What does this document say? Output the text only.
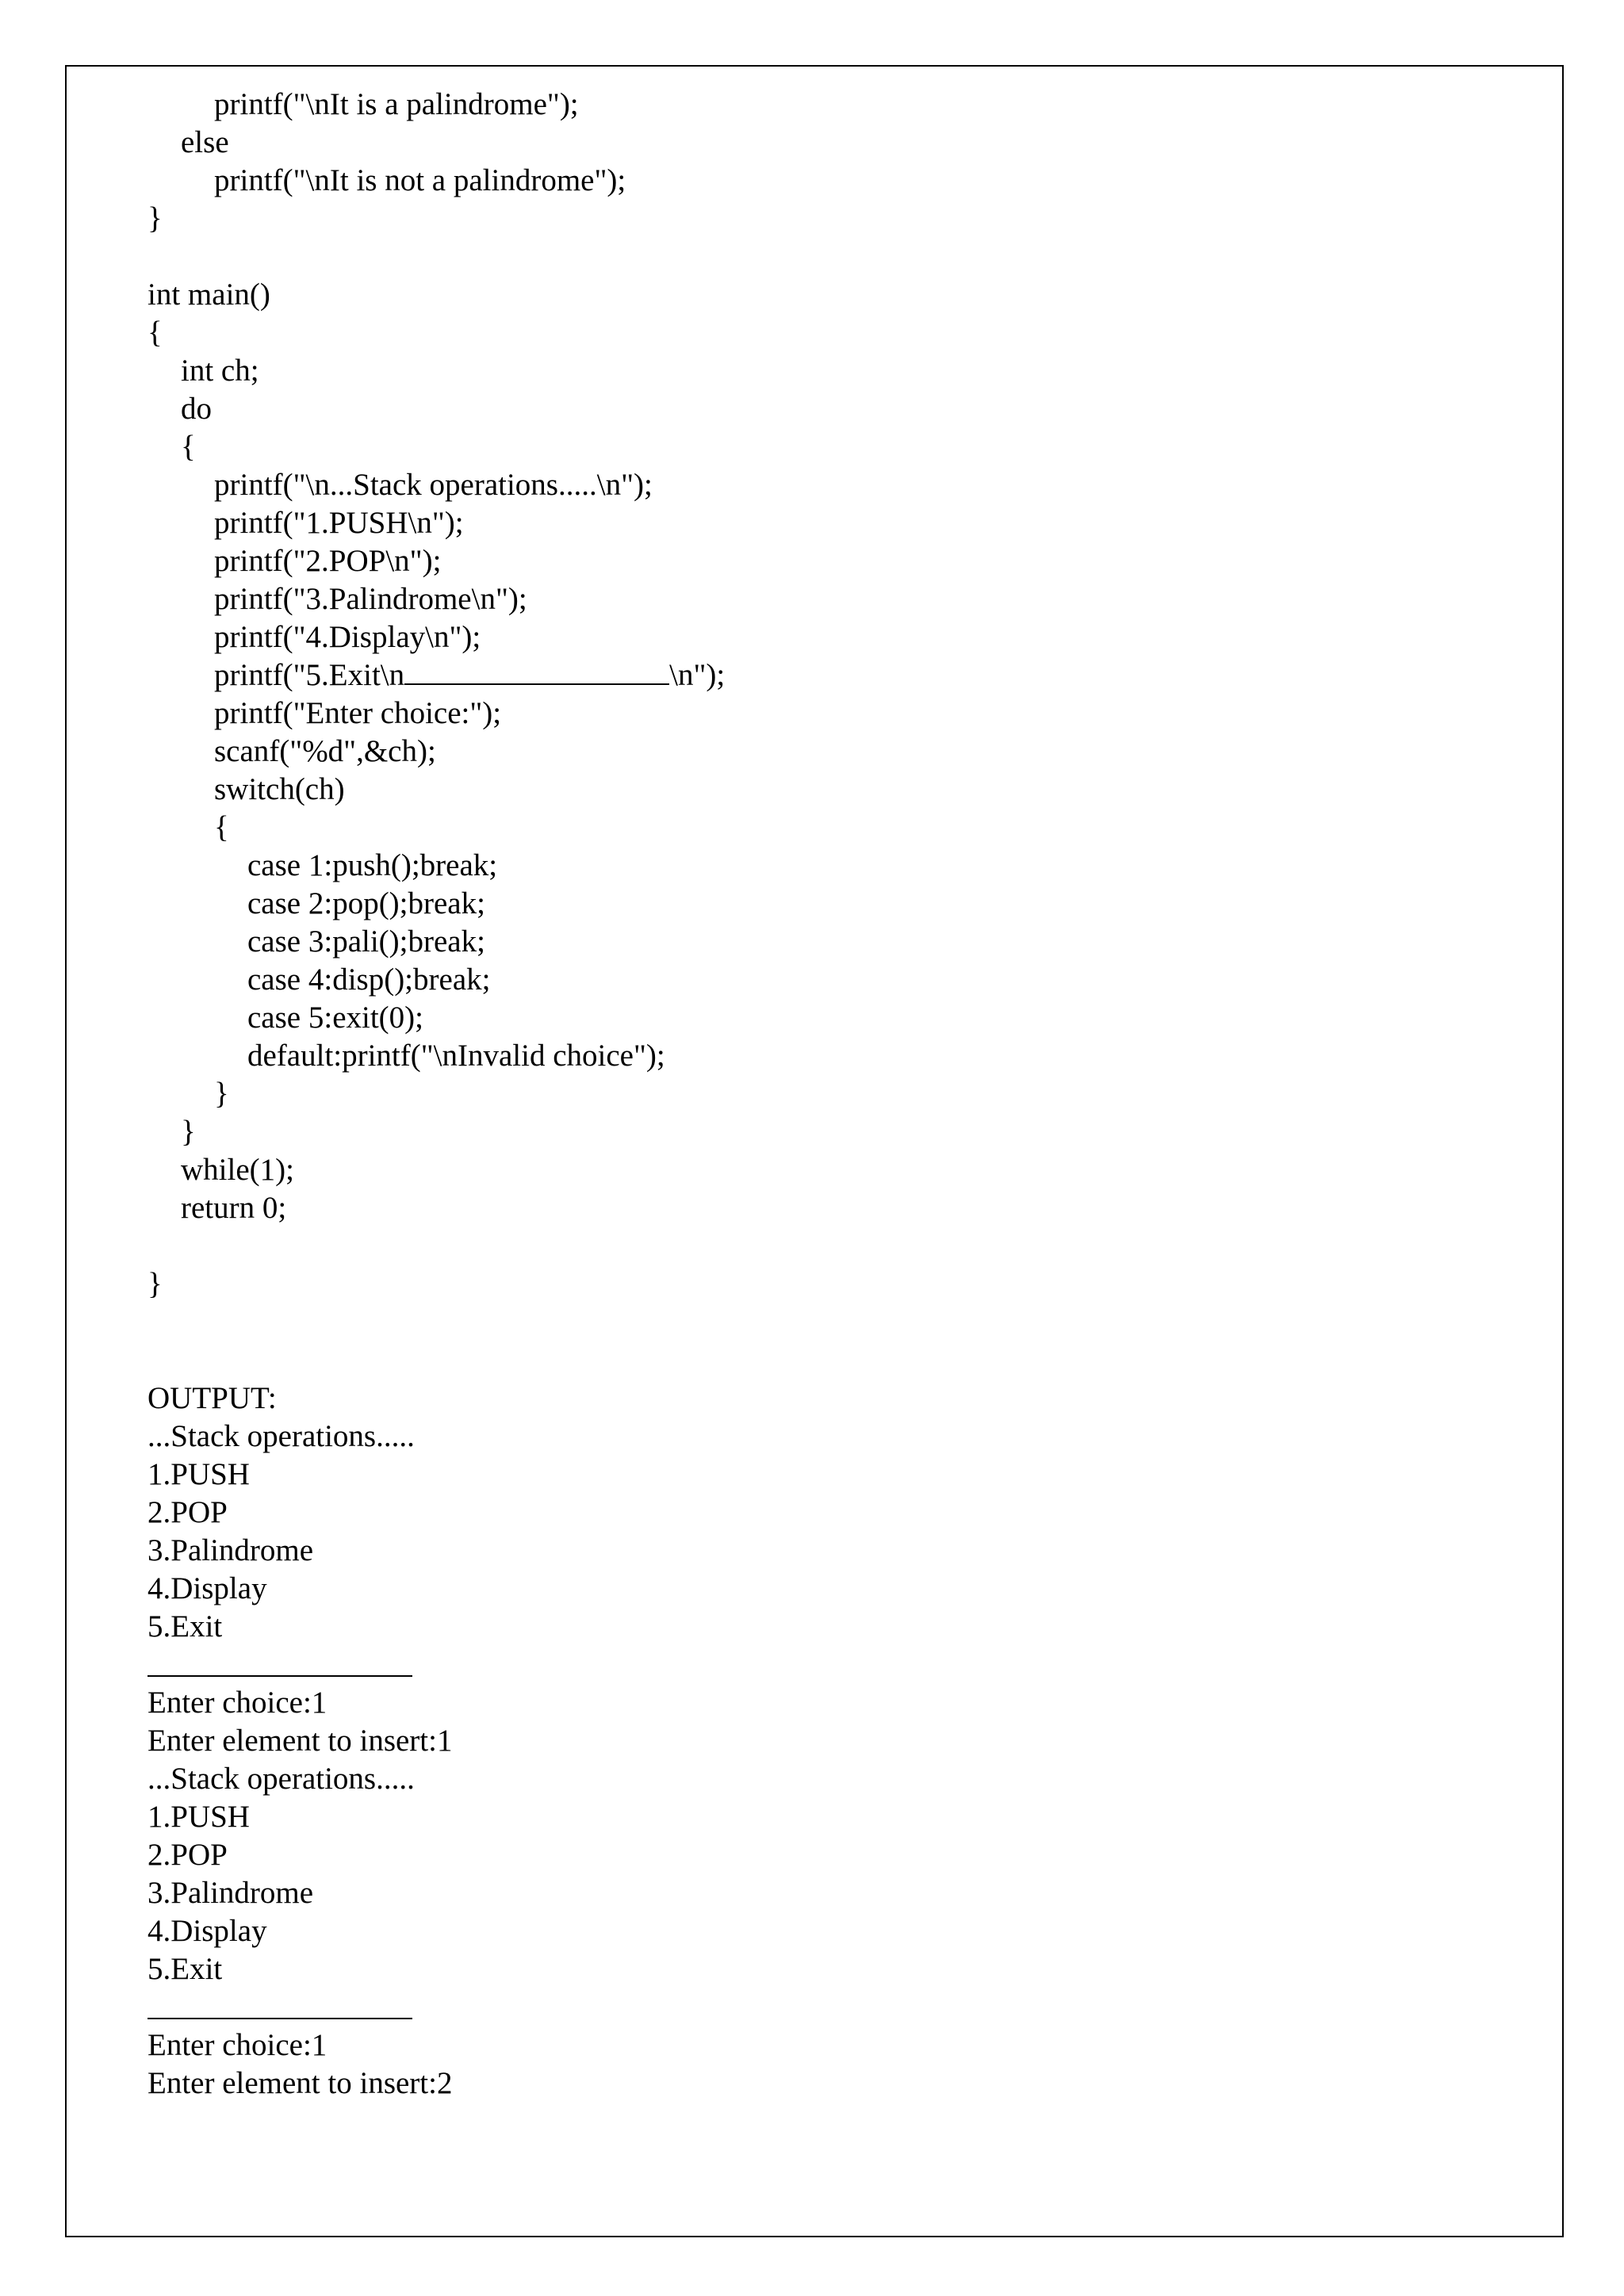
printf("\nIt is a palindrome");
else
printf("\nIt is not a palindrome");
}
int main()
{
int ch;
do
{
printf("\n...Stack operations.....\n");
printf("1.PUSH\n");
printf("2.POP\n");
printf("3.Palindrome\n");
printf("4.Display\n");
printf("5.Exit\n	\n");
printf("Enter choice:");
scanf("%d",&ch);
switch(ch)
{
case 1:push();break;
case 2:pop();break;
case 3:pali();break;
case 4:disp();break;
case 5:exit(0);
default:printf("\nInvalid choice");
}
}
while(1);
return 0;
}
OUTPUT:
...Stack operations.....
1.PUSH
2.POP
3.Palindrome
4.Display
5.Exit
Enter choice:1
Enter element to insert:1
...Stack operations.....
1.PUSH
2.POP
3.Palindrome
4.Display
5.Exit
Enter choice:1
Enter element to insert:2
